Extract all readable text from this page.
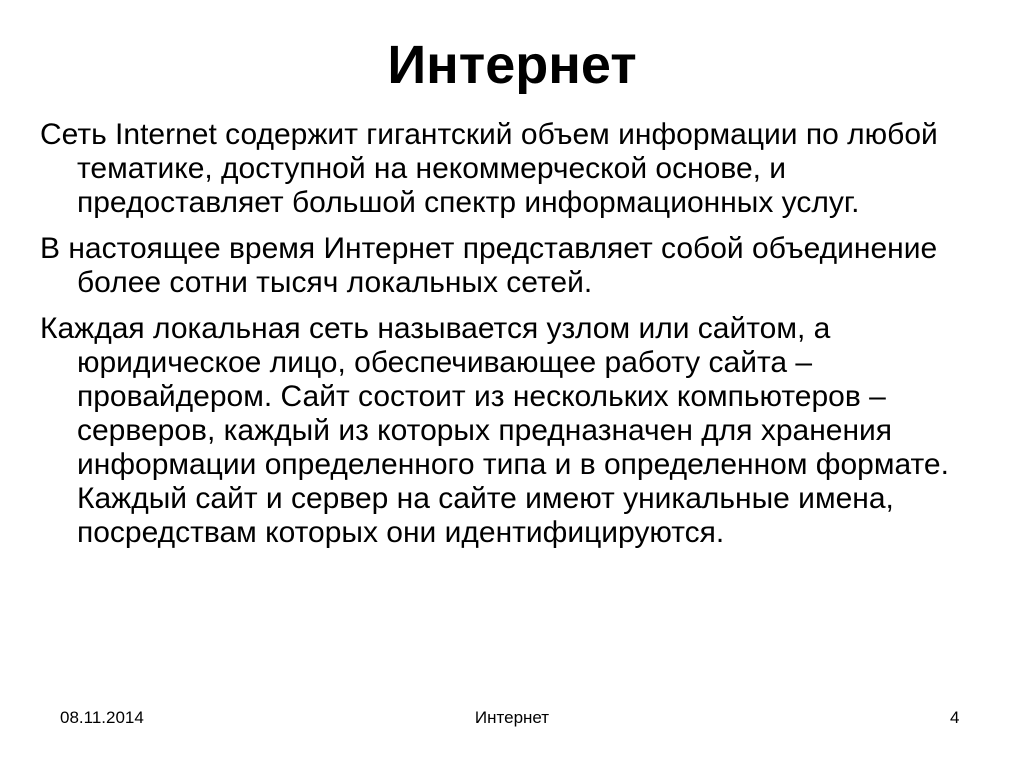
Интернет

Сеть Internet содержит гигантский объем информации по любой тематике, доступной на некоммерческой основе, и предоставляет большой спектр информационных услуг.

В настоящее время Интернет представляет собой объединение более сотни тысяч локальных сетей.

Каждая локальная сеть называется узлом или сайтом, а юридическое лицо, обеспечивающее работу сайта – провайдером. Сайт состоит из нескольких компьютеров – серверов, каждый из которых предназначен для хранения информации определенного типа и в определенном формате. Каждый сайт и сервер на сайте имеют уникальные имена, посредствам которых они идентифицируются.

08.11.2014	Интернет	4
